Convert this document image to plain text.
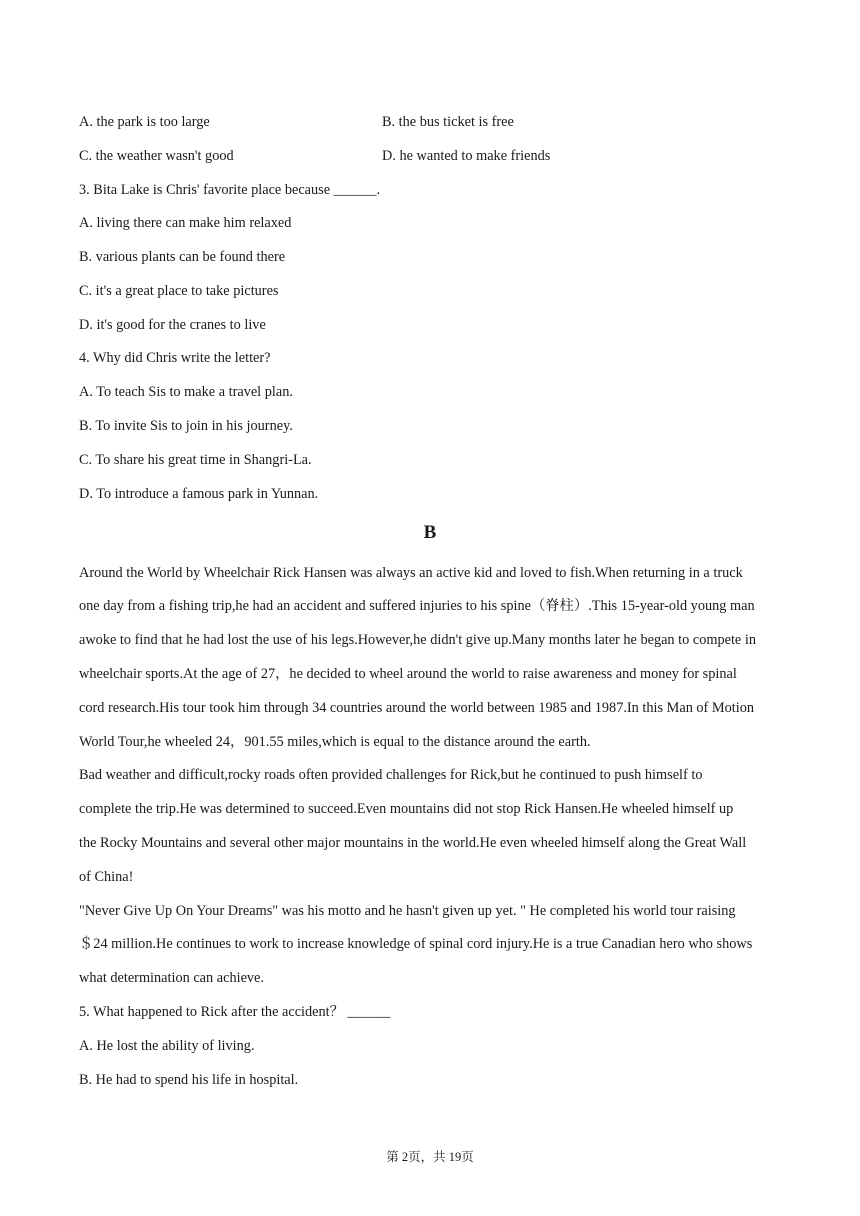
A. the park is too large	B. the bus ticket is free
C. the weather wasn't good	D. he wanted to make friends
3. Bita Lake is Chris' favorite place because ______.
A. living there can make him relaxed
B. various plants can be found there
C. it's a great place to take pictures
D. it's good for the cranes to live
4. Why did Chris write the letter?
A. To teach Sis to make a travel plan.
B. To invite Sis to join in his journey.
C. To share his great time in Shangri-La.
D. To introduce a famous park in Yunnan.
B
Around the World by Wheelchair Rick Hansen was always an active kid and loved to fish.When returning in a truck
one day from a fishing trip,he had an accident and suffered injuries to his spine（脊柱）.This 15-year-old young man
awoke to find that he had lost the use of his legs.However,he didn't give up.Many months later he began to compete in
wheelchair sports.At the age of 27，he decided to wheel around the world to raise awareness and money for spinal
cord research.His tour took him through 34 countries around the world between 1985 and 1987.In this Man of Motion
World Tour,he wheeled 24，901.55 miles,which is equal to the distance around the earth.
Bad weather and difficult,rocky roads often provided challenges for Rick,but he continued to push himself to
complete the trip.He was determined to succeed.Even mountains did not stop Rick Hansen.He wheeled himself up
the Rocky Mountains and several other major mountains in the world.He even wheeled himself along the Great Wall
of China!
"Never Give Up On Your Dreams" was his motto and he hasn't given up yet. " He completed his world tour raising
＄24 million.He continues to work to increase knowledge of spinal cord injury.He is a true Canadian hero who shows
what determination can achieve.
5. What happened to Rick after the accident？ ______
A. He lost the ability of living.
B. He had to spend his life in hospital.
第 2页，共 19页
